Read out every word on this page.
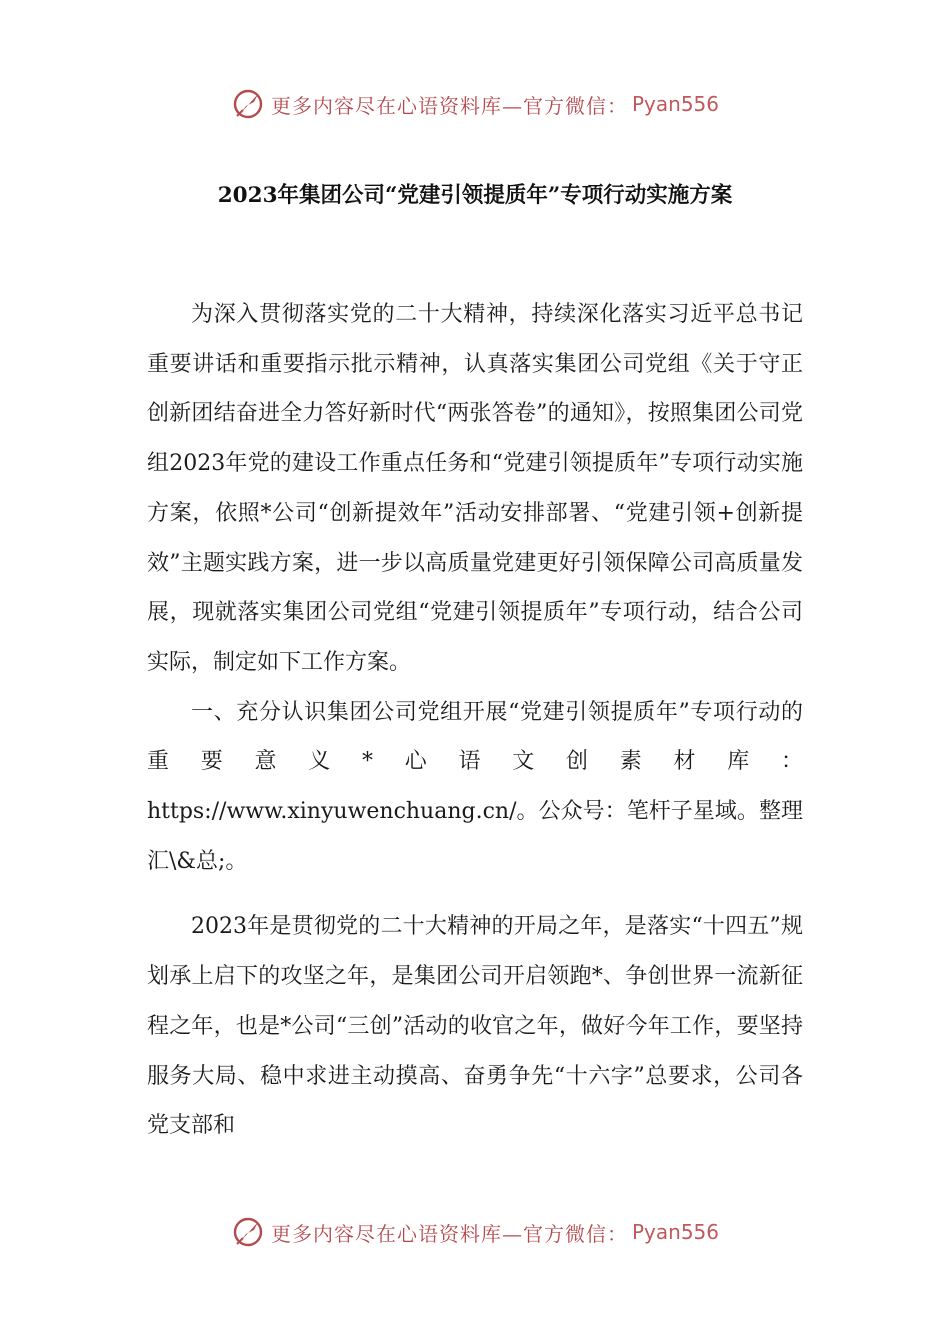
更多内容尽在心语资料库—官方微信： Pyan556
2023年集团公司“党建引领提质年”专项行动实施方案

为深入贯彻落实党的二十大精神，持续深化落实习近平总书记重要讲话和重要指示批示精神，认真落实集团公司党组《关于守正创新团结奋进全力答好新时代“两张答卷”的通知》，按照集团公司党组2023年党的建设工作重点任务和“党建引领提质年”专项行动实施方案，依照*公司“创新提效年”活动安排部署、“党建引领+创新提效”主题实践方案，进一步以高质量党建更好引领保障公司高质量发展，现就落实集团公司党组“党建引领提质年”专项行动，结合公司实际，制定如下工作方案。

一、充分认识集团公司党组开展“党建引领提质年”专项行动的重要意义*心语文创素材库：https://www.xinyuwenchuang.cn/。公众号：笔杆子星域。整理汇\&总;。

2023年是贯彻党的二十大精神的开局之年，是落实“十四五”规划承上启下的攻坚之年，是集团公司开启领跑*、争创世界一流新征程之年，也是*公司“三创”活动的收官之年，做好今年工作，要坚持服务大局、稳中求进主动摸高、奋勇争先“十六字”总要求，公司各党支部和

更多内容尽在心语资料库—官方微信： Pyan556
